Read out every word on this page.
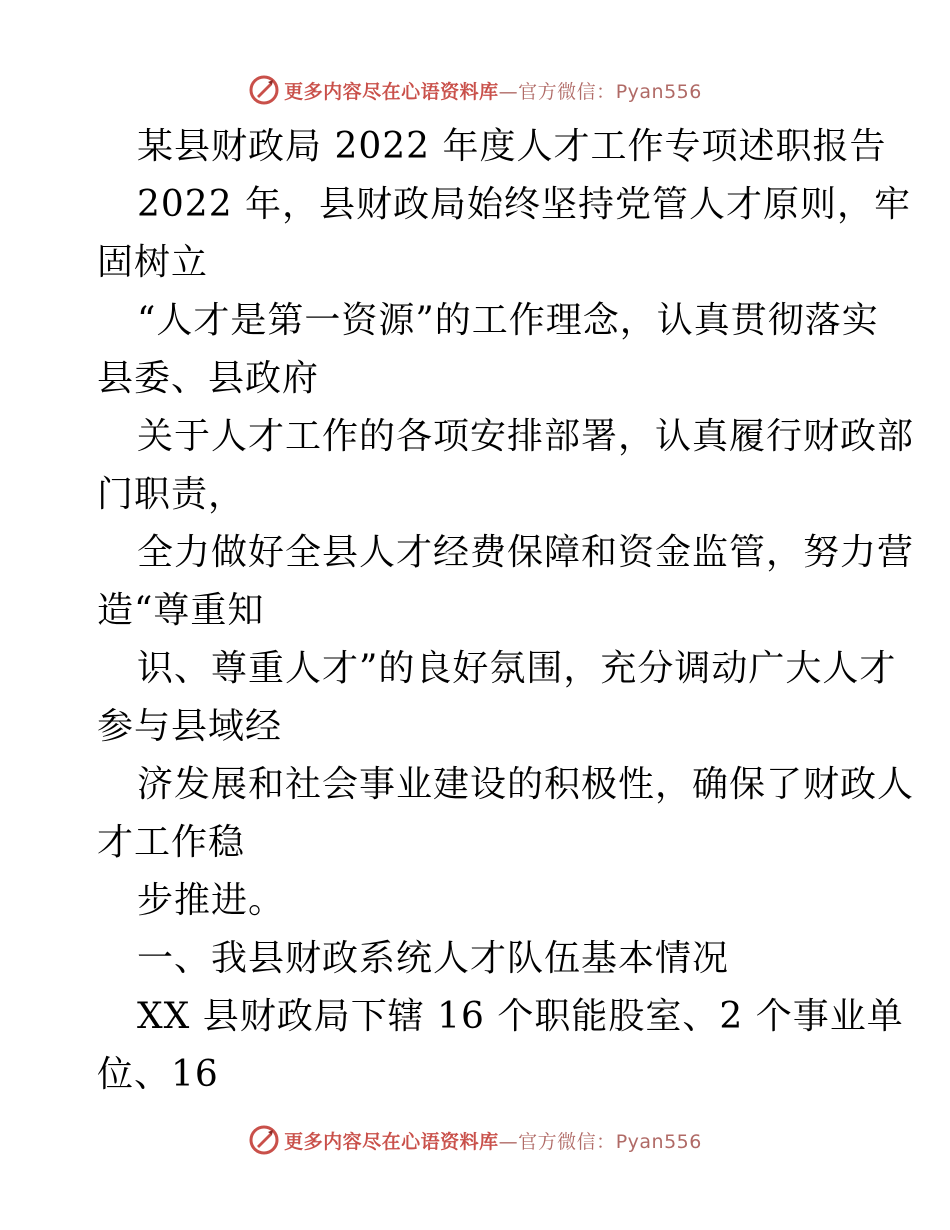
更多内容尽在心语资料库—官方微信：Pyan556
某县财政局 2022 年度人才工作专项述职报告
2022 年，县财政局始终坚持党管人才原则，牢
固树立
“人才是第一资源”的工作理念，认真贯彻落实
县委、县政府
关于人才工作的各项安排部署，认真履行财政部
门职责，
全力做好全县人才经费保障和资金监管，努力营
造“尊重知
识、尊重人才”的良好氛围，充分调动广大人才
参与县域经
济发展和社会事业建设的积极性，确保了财政人
才工作稳
步推进。
一、我县财政系统人才队伍基本情况
XX 县财政局下辖 16 个职能股室、2 个事业单
位、16
更多内容尽在心语资料库—官方微信：Pyan556
